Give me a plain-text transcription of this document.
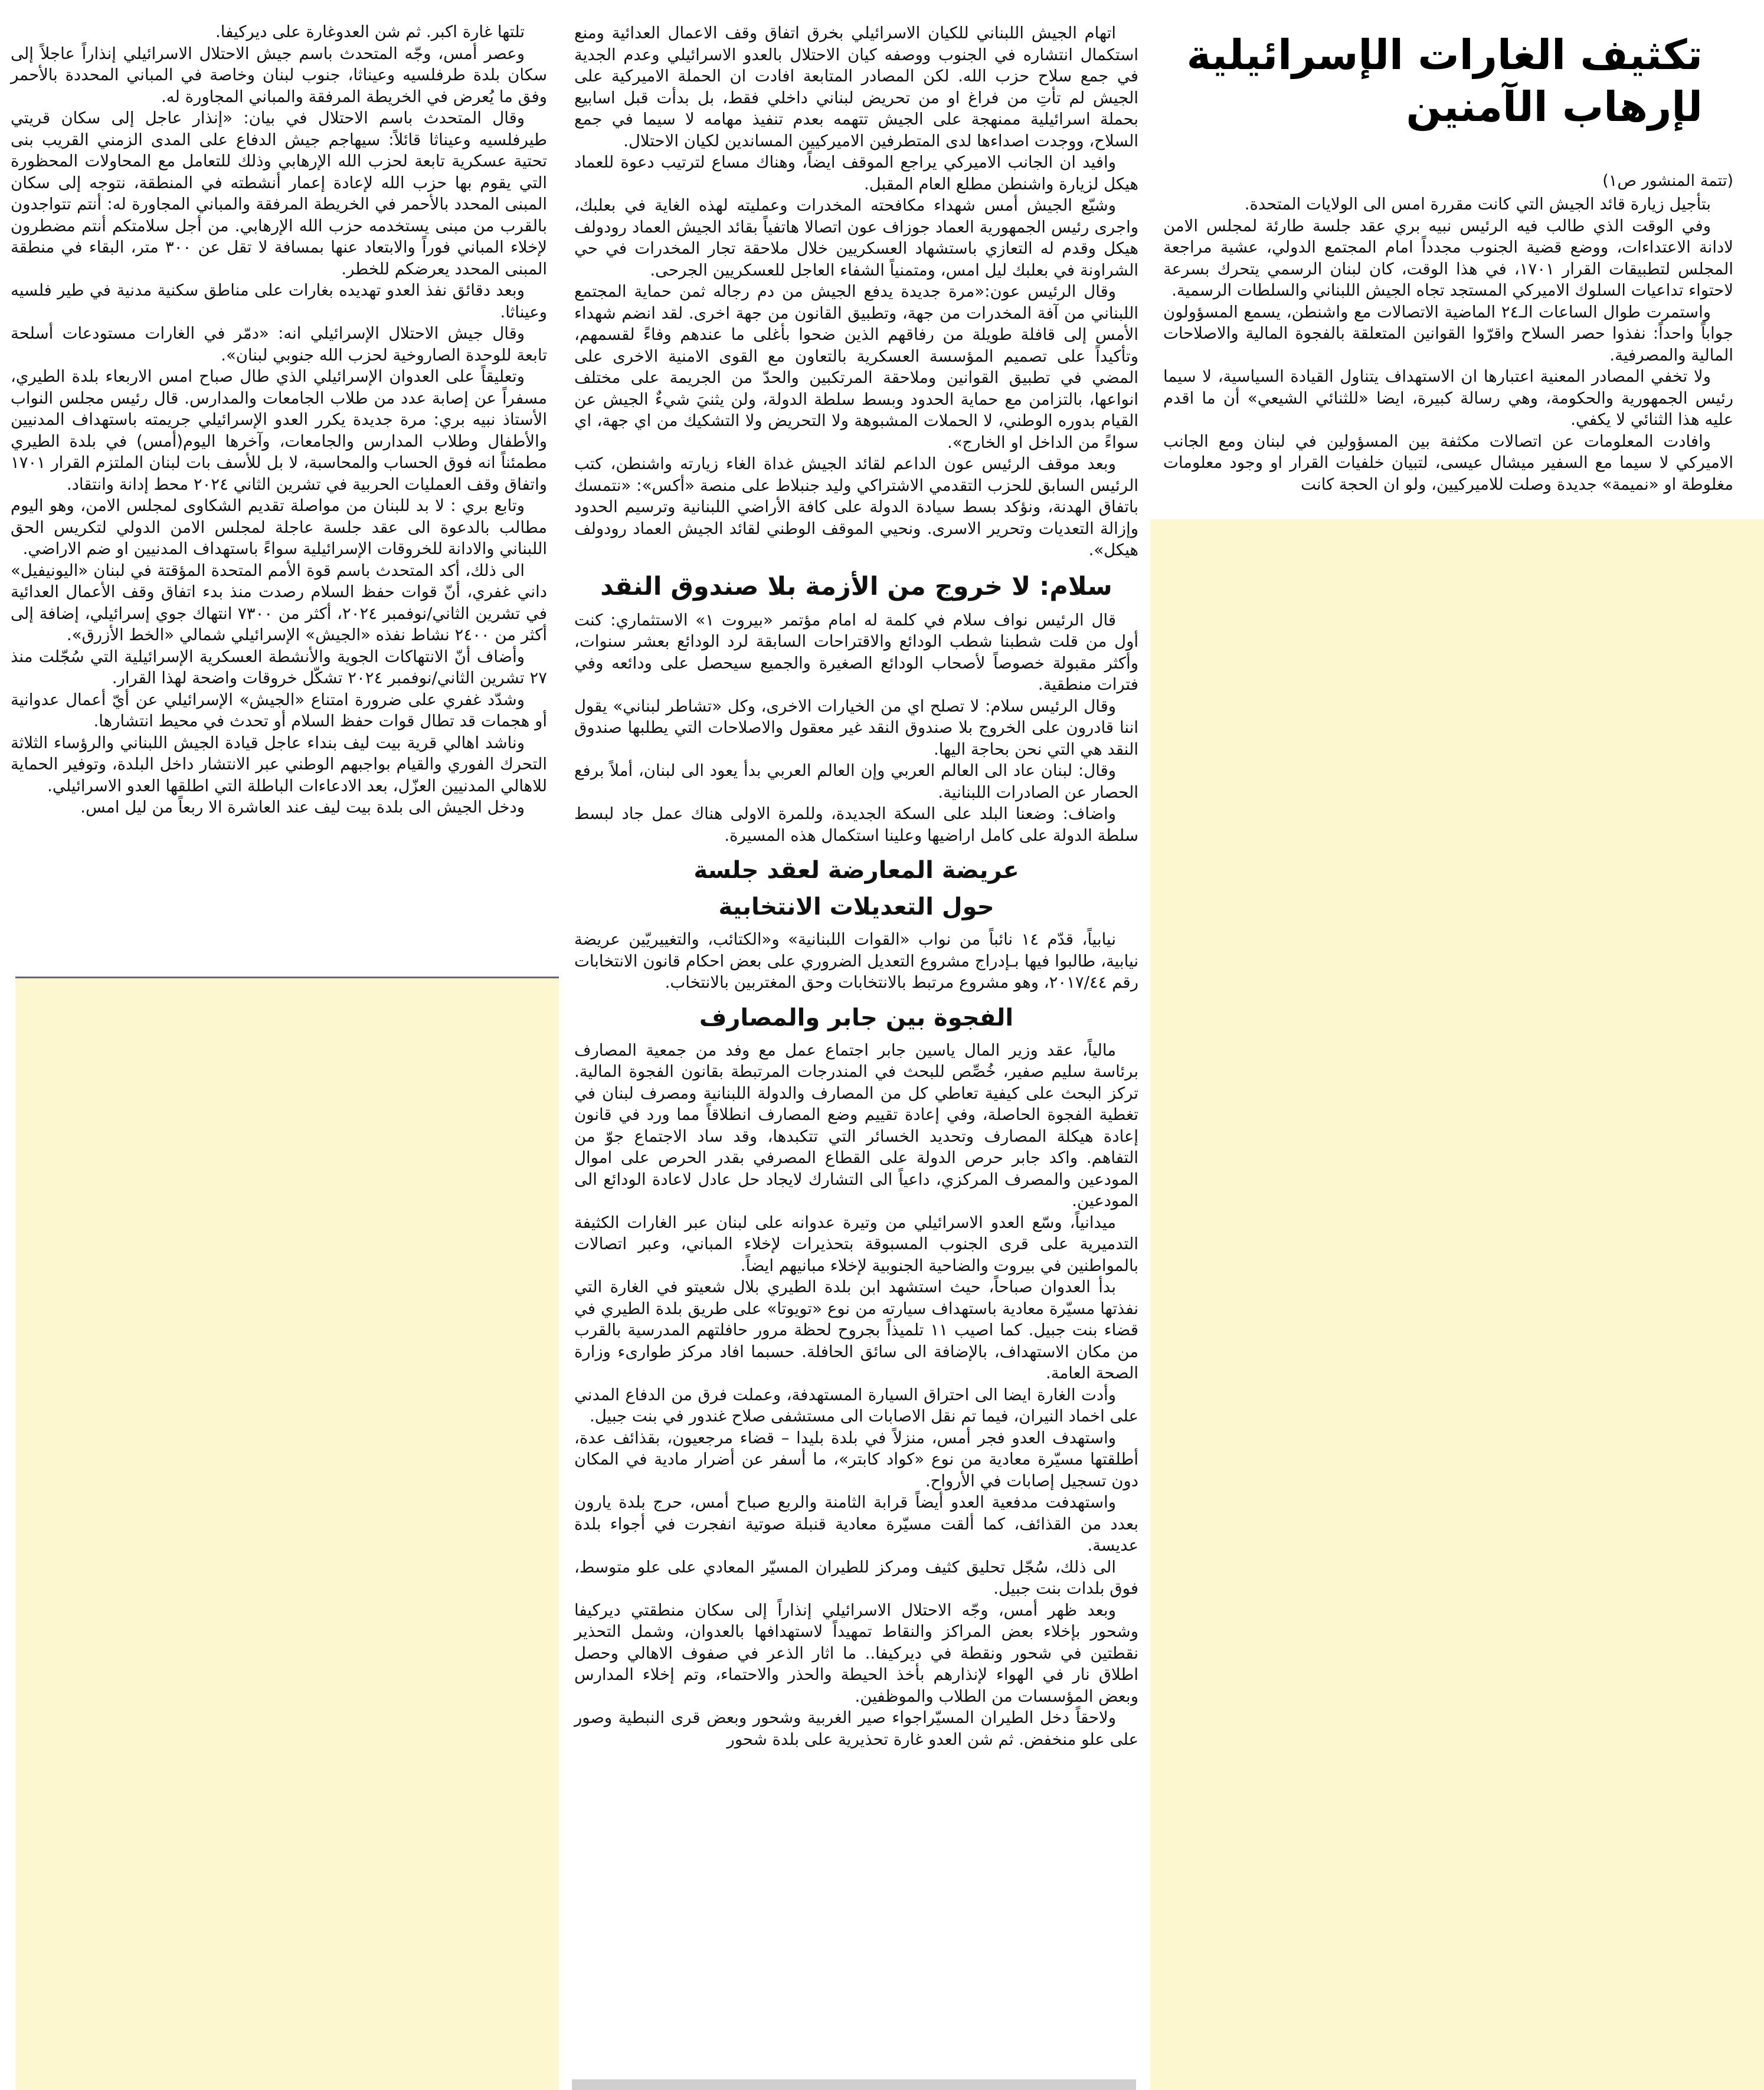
تكثيف الغارات الإسرائيلية لإرهاب الآمنين

(تتمة المنشور ص١)

بتأجيل زيارة قائد الجيش التي كانت مقررة امس الى الولايات المتحدة.

وفي الوقت الذي طالب فيه الرئيس نبيه بري عقد جلسة طارئة لمجلس الامن لادانة الاعتداءات، ووضع قضية الجنوب مجدداً امام المجتمع الدولي، عشية مراجعة المجلس لتطبيقات القرار ١٧٠١، في هذا الوقت، كان لبنان الرسمي يتحرك بسرعة لاحتواء تداعيات السلوك الاميركي المستجد تجاه الجيش اللبناني والسلطات الرسمية.

واستمرت طوال الساعات الـ٢٤ الماضية الاتصالات مع واشنطن، يسمع المسؤولون جواباً واحداً: نفذوا حصر السلاح واقرّوا القوانين المتعلقة بالفجوة المالية والاصلاحات المالية والمصرفية.

ولا تخفي المصادر المعنية اعتبارها ان الاستهداف يتناول القيادة السياسية، لا سيما رئيس الجمهورية والحكومة، وهي رسالة كبيرة، ايضا «للثنائي الشيعي» أن ما اقدم عليه هذا الثنائي لا يكفي.

وافادت المعلومات عن اتصالات مكثفة بين المسؤولين في لبنان ومع الجانب الاميركي لا سيما مع السفير ميشال عيسى، لتبيان خلفيات القرار او وجود معلومات مغلوطة او «نميمة» جديدة وصلت للاميركيين، ولو ان الحجة كانت

اتهام الجيش اللبناني للكيان الاسرائيلي بخرق اتفاق وقف الاعمال العدائية ومنع استكمال انتشاره في الجنوب ووصفه كيان الاحتلال بالعدو الاسرائيلي وعدم الجدية في جمع سلاح حزب الله. لكن المصادر المتابعة افادت ان الحملة الاميركية على الجيش لم تأتِ من فراغ او من تحريض لبناني داخلي فقط، بل بدأت قبل اسابيع بحملة اسرائيلية ممنهجة على الجيش تتهمه بعدم تنفيذ مهامه لا سيما في جمع السلاح، ووجدت اصداءها لدى المتطرفين الاميركيين المساندين لكيان الاحتلال.

وافيد ان الجانب الاميركي يراجع الموقف ايضاً، وهناك مساع لترتيب دعوة للعماد هيكل لزيارة واشنطن مطلع العام المقبل.

وشيّع الجيش أمس شهداء مكافحته المخدرات وعمليته لهذه الغاية في بعلبك، واجرى رئيس الجمهورية العماد جوزاف عون اتصالا هاتفياً بقائد الجيش العماد رودولف هيكل وقدم له التعازي باستشهاد العسكريين خلال ملاحقة تجار المخدرات في حي الشراونة في بعلبك ليل امس، ومتمنياً الشفاء العاجل للعسكريين الجرحى.

وقال الرئيس عون:«مرة جديدة يدفع الجيش من دم رجاله ثمن حماية المجتمع اللبناني من آفة المخدرات من جهة، وتطبيق القانون من جهة اخرى. لقد انضم شهداء الأمس إلى قافلة طويلة من رفاقهم الذين ضحوا بأغلى ما عندهم وفاءً لقسمهم، وتأكيداً على تصميم المؤسسة العسكرية بالتعاون مع القوى الامنية الاخرى على المضي في تطبيق القوانين وملاحقة المرتكبين والحدّ من الجريمة على مختلف انواعها، بالتزامن مع حماية الحدود وبسط سلطة الدولة، ولن يثنيَ شيءٌ الجيش عن القيام بدوره الوطني، لا الحملات المشبوهة ولا التحريض ولا التشكيك من اي جهة، اي سواءً من الداخل او الخارج».

وبعد موقف الرئيس عون الداعم لقائد الجيش غداة الغاء زيارته واشنطن، كتب الرئيس السابق للحزب التقدمي الاشتراكي وليد جنبلاط على منصة «أكس»: «نتمسك باتفاق الهدنة، ونؤكد بسط سيادة الدولة على كافة الأراضي اللبنانية وترسيم الحدود وإزالة التعديات وتحرير الاسرى. ونحيي الموقف الوطني لقائد الجيش العماد رودولف هيكل».

سلام: لا خروج من الأزمة بلا صندوق النقد

قال الرئيس نواف سلام في كلمة له امام مؤتمر «بيروت ١» الاستثماري: كنت أول من قلت شطبنا شطب الودائع والاقتراحات السابقة لرد الودائع بعشر سنوات، وأكثر مقبولة خصوصاً لأصحاب الودائع الصغيرة والجميع سيحصل على ودائعه وفي فترات منطقية.

وقال الرئيس سلام: لا تصلح اي من الخيارات الاخرى، وكل «تشاطر لبناني» يقول اننا قادرون على الخروج بلا صندوق النقد غير معقول والاصلاحات التي يطلبها صندوق النقد هي التي نحن بحاجة اليها.

وقال: لبنان عاد الى العالم العربي وإن العالم العربي بدأ يعود الى لبنان، أملاً برفع الحصار عن الصادرات اللبنانية.

واضاف: وضعنا البلد على السكة الجديدة، وللمرة الاولى هناك عمل جاد لبسط سلطة الدولة على كامل اراضيها وعلينا استكمال هذه المسيرة.

عريضة المعارضة لعقد جلسة
حول التعديلات الانتخابية

نيابياً، قدّم ١٤ نائباً من نواب «القوات اللبنانية» و«الكتائب، والتغييريّين عريضة نيابية، طالبوا فيها بـإدراج مشروع التعديل الضروري على بعض احكام قانون الانتخابات رقم ٢٠١٧/٤٤، وهو مشروع مرتبط بالانتخابات وحق المغتربين بالانتخاب.

الفجوة بين جابر والمصارف

مالياً، عقد وزير المال ياسين جابر اجتماع عمل مع وفد من جمعية المصارف برئاسة سليم صفير، خُصِّص للبحث في المندرجات المرتبطة بقانون الفجوة المالية. تركز البحث على كيفية تعاطي كل من المصارف والدولة اللبنانية ومصرف لبنان في تغطية الفجوة الحاصلة، وفي إعادة تقييم وضع المصارف انطلاقاً مما ورد في قانون إعادة هيكلة المصارف وتحديد الخسائر التي تتكبدها، وقد ساد الاجتماع جوّ من التفاهم. واكد جابر حرص الدولة على القطاع المصرفي بقدر الحرص على اموال المودعين والمصرف المركزي، داعياً الى التشارك لايجاد حل عادل لاعادة الودائع الى المودعين.

ميدانياً، وسّع العدو الاسرائيلي من وتيرة عدوانه على لبنان عبر الغارات الكثيفة التدميرية على قرى الجنوب المسبوقة بتحذيرات لإخلاء المباني، وعبر اتصالات بالمواطنين في بيروت والضاحية الجنوبية لإخلاء مبانيهم ايضاً.

بدأ العدوان صباحاً، حيث استشهد ابن بلدة الطيري بلال شعيتو في الغارة التي نفذتها مسيّرة معادية باستهداف سيارته من نوع «تويوتا» على طريق بلدة الطيري في قضاء بنت جبيل. كما اصيب ١١ تلميذاً بجروح لحظة مرور حافلتهم المدرسية بالقرب من مكان الاستهداف، بالإضافة الى سائق الحافلة. حسبما افاد مركز طوارىء وزارة الصحة العامة.

وأدت الغارة ايضا الى احتراق السيارة المستهدفة، وعملت فرق من الدفاع المدني على اخماد النيران، فيما تم نقل الاصابات الى مستشفى صلاح غندور في بنت جبيل.

واستهدف العدو فجر أمس، منزلاً في بلدة بليدا – قضاء مرجعيون، بقذائف عدة، أطلقتها مسيّرة معادية من نوع «كواد كابتر»، ما أسفر عن أضرار مادية في المكان دون تسجيل إصابات في الأرواح.

واستهدفت مدفعية العدو أيضاً قرابة الثامنة والربع صباح أمس، حرج بلدة يارون بعدد من القذائف، كما ألقت مسيّرة معادية قنبلة صوتية انفجرت في أجواء بلدة عديسة.

الى ذلك، سُجّل تحليق كثيف ومركز للطيران المسيّر المعادي على علو متوسط، فوق بلدات بنت جبيل.

وبعد ظهر أمس، وجّه الاحتلال الاسرائيلي إنذاراً إلى سكان منطقتي ديركيفا وشحور بإخلاء بعض المراكز والنقاط تمهيداً لاستهدافها بالعدوان، وشمل التحذير نقطتين في شحور ونقطة في ديركيفا.. ما اثار الذعر في صفوف الاهالي وحصل اطلاق نار في الهواء لإنذارهم بأخذ الحيطة والحذر والاحتماء، وتم إخلاء المدارس وبعض المؤسسات من الطلاب والموظفين.

ولاحقاً دخل الطيران المسيّراجواء صير الغربية وشحور وبعض قرى النبطية وصور على علو منخفض. ثم شن العدو غارة تحذيرية على بلدة شحور

تلتها غارة اكبر. ثم شن العدوغارة على ديركيفا.

وعصر أمس، وجّه المتحدث باسم جيش الاحتلال الاسرائيلي إنذاراً عاجلاً إلى سكان بلدة طرفلسيه وعيناثا، جنوب لبنان وخاصة في المباني المحددة بالأحمر وفق ما يُعرض في الخريطة المرفقة والمباني المجاورة له.

وقال المتحدث باسم الاحتلال في بيان: «إنذار عاجل إلى سكان قريتي طيرفلسيه وعيناثا قائلاً: سيهاجم جيش الدفاع على المدى الزمني القريب بنى تحتية عسكرية تابعة لحزب الله الإرهابي وذلك للتعامل مع المحاولات المحظورة التي يقوم بها حزب الله لإعادة إعمار أنشطته في المنطقة، نتوجه إلى سكان المبنى المحدد بالأحمر في الخريطة المرفقة والمباني المجاورة له: أنتم تتواجدون بالقرب من مبنى يستخدمه حزب الله الإرهابي. من أجل سلامتكم أنتم مضطرون لإخلاء المباني فوراً والابتعاد عنها بمسافة لا تقل عن ٣٠٠ متر، البقاء في منطقة المبنى المحدد يعرضكم للخطر.

وبعد دقائق نفذ العدو تهديده بغارات على مناطق سكنية مدنية في طير فلسيه وعيناثا.

وقال جيش الاحتلال الإسرائيلي انه: «دمّر في الغارات مستودعات أسلحة تابعة للوحدة الصاروخية لحزب الله جنوبي لبنان».

وتعليقاً على العدوان الإسرائيلي الذي طال صباح امس الاربعاء بلدة الطيري، مسفراً عن إصابة عدد من طلاب الجامعات والمدارس. قال رئيس مجلس النواب الأستاذ نبيه بري: مرة جديدة يكرر العدو الإسرائيلي جريمته باستهداف المدنيين والأطفال وطلاب المدارس والجامعات، وآخرها اليوم(أمس) في بلدة الطيري مطمئناً انه فوق الحساب والمحاسبة، لا بل للأسف بات لبنان الملتزم القرار ١٧٠١ واتفاق وقف العمليات الحربية في تشرين الثاني ٢٠٢٤ محط إدانة وانتقاد.

وتابع بري : لا بد للبنان من مواصلة تقديم الشكاوى لمجلس الامن، وهو اليوم مطالب بالدعوة الى عقد جلسة عاجلة لمجلس الامن الدولي لتكريس الحق اللبناني والادانة للخروقات الإسرائيلية سواءً باستهداف المدنيين او ضم الاراضي.

الى ذلك، أكد المتحدث باسم قوة الأمم المتحدة المؤقتة في لبنان «اليونيفيل» داني غفري، أنّ قوات حفظ السلام رصدت منذ بدء اتفاق وقف الأعمال العدائية في تشرين الثاني/نوفمبر ٢٠٢٤، أكثر من ٧٣٠٠ انتهاك جوي إسرائيلي، إضافة إلى أكثر من ٢٤٠٠ نشاط نفذه «الجيش» الإسرائيلي شمالي «الخط الأزرق».

وأضاف أنّ الانتهاكات الجوية والأنشطة العسكرية الإسرائيلية التي سُجّلت منذ ٢٧ تشرين الثاني/نوفمبر ٢٠٢٤ تشكّل خروقات واضحة لهذا القرار.

وشدّد غفري على ضرورة امتناع «الجيش» الإسرائيلي عن أيّ أعمال عدوانية أو هجمات قد تطال قوات حفظ السلام أو تحدث في محيط انتشارها.

وناشد اهالي قرية بيت ليف بنداء عاجل قيادة الجيش اللبناني والرؤساء الثلاثة التحرك الفوري والقيام بواجبهم الوطني عبر الانتشار داخل البلدة، وتوفير الحماية للاهالي المدنيين العزّل، بعد الادعاءات الباطلة التي اطلقها العدو الاسرائيلي.

ودخل الجيش الى بلدة بيت ليف عند العاشرة الا ربعاً من ليل امس.
